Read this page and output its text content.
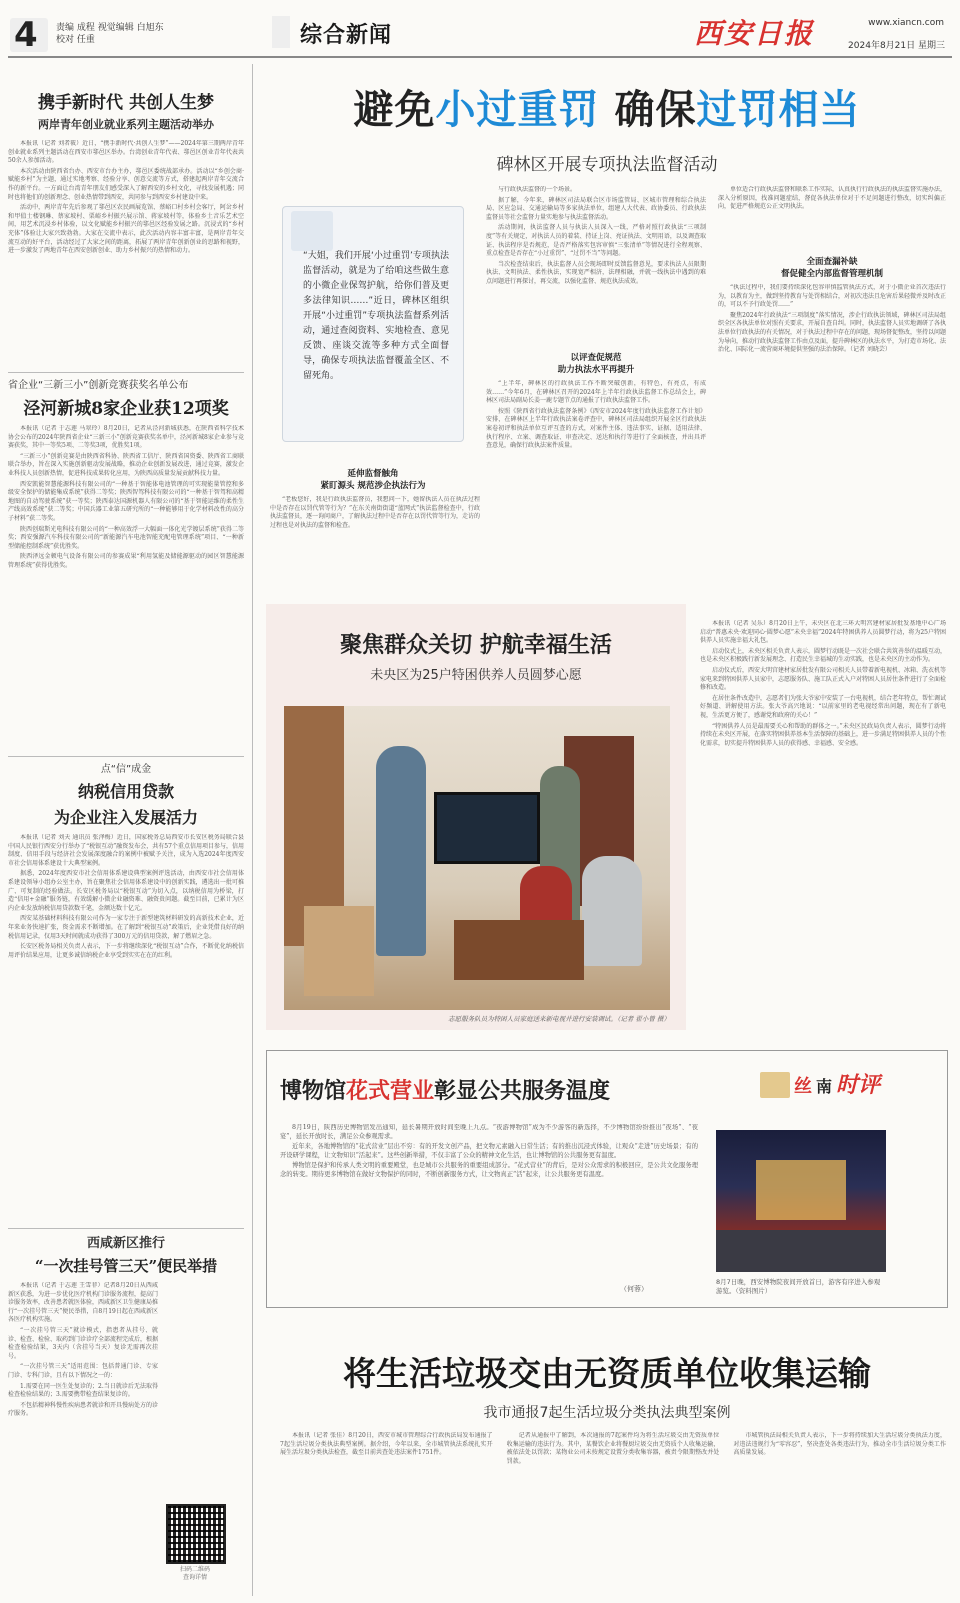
4 责编 成程 视觉编辑 白旭东
校对 任重	综合新闻	西安日报	www.xiancn.com
2024年8月21日 星期三
携手新时代 共创人生梦
两岸青年创业就业系列主题活动举办

本报讯（记者 刘者筱）近日，“携手新时代·共创人生梦”——2024年第三期两岸青年创业就业系列主题活动在西安市鄠邑区举办。台湾创业青年代表、鄠邑区创业青年代表共50余人参加活动。

本次活动由陕西省台办、西安市台办主办，鄠邑区委统战部承办。活动以“乡创会商·赋能乡村”为主题，通过实地考察、经验分享、创意交流等方式，搭建起两岸青年交流合作的新平台。一方面让台湾青年朋友们感受深入了解西安的乡村文化，寻找发展机遇；同时也将他们的创新理念、创业热情带到西安，共同参与到西安乡村建设中来。

活动中，两岸青年先后参观了鄠邑区农民画展览馆、蔡峪口村乡村会客厅，阿岔乡村和甲值士楼钢琳、蔡家坡村、栗峪乡村振兴展示馆、蒋家坡村等，体验乡土音乐艺术空间，用艺术沉浸乡村体验，以文化赋能乡村振兴的鄠邑区经验发展之路。沉浸式的“乡村充体”体验让大家兴致勃勃。大家在交流中表示，此次活动内容丰富丰富，是两岸青年交流互动的好平台，活动经过了大家之间的距离，拓展了两岸青年创新创业的思路和视野，进一步激发了两地青年在西安创新创业、助力乡村振兴的热情和动力。

省企业“三新三小”创新竞赛获奖名单公布
泾河新城8家企业获12项奖

本报讯（记者 于志莲 马翠玲）8月20日，记者从泾河新城获悉，在陕西省科学技术协会公布的2024年陕西省企业“三新三小”创新竞赛获奖名单中，泾河新城8家企业参与竞赛获奖，其中一等奖5项、二等奖3项，优胜奖1项。

“三新三小”创新竞赛是由陕西省科协、陕西省工信厅、陕西省国资委、陕西省工商联联合举办，旨在深入实施创新驱动发展战略，推动企业创新发展改进，通过竞赛，激发企业科技人员创新热情，促进科技成果转化应用，为陕西高质量发展贡献科技力量。

西安凯能智慧能源科技有限公司的“一种基于智能体电池管理的可实现能量管控和多级安全保护的储能集成系统”获得二等奖；陕西智驾科技有限公司的“一种基于智驾和高精地图的自动驾驶系统”获一等奖；陕西泰达国源机器人有限公司的“基于智能运维的柔性生产线高效系统”获二等奖；中国兵器工业第五研究所的“一种能够用于化学材料改性的高分子材料”获二等奖。

陕西创瑞斯光电科技有限公司的“一种高效浮一大幅面一体化光学镀层系统”获得二等奖；西安强源汽车科技有限公司的“新能源汽车电池智能充配电管理系统”项目、“一种新型储能控制系统”获优胜奖。

陕西泽远金顿电气设备有限公司的参赛成果“利用氢能及储能源驱动的园区智慧能源管理系统”获得优胜奖。

点“信”成金
纳税信用贷款
为企业注入发展活力

本报讯（记者 刘天 通讯员 张泽梅）近日，国家税务总局西安市长安区税务局联合县中国人民银行西安分行举办了“税银互动”融资发布会，共有57个重点信用项目参与，信用制度、信用手段与经济社会发展深度融合的案例中被赋予关注，成为入选2024年度西安市社会信用体系建设十大典型案例。

据悉，2024年度西安市社会信用体系建设典型案例评选活动，由西安市社会信用体系建设领导小组办公室主办，旨在聚焦社会信用体系建设中的创新实践，遴选出一批可推广、可复制的经验做法。长安区税务局以“税银互动”为切入点，以纳税信用为桥梁，打造“信用+金融”服务链，有效缓解小微企业融资难、融资贵问题。截至目前，已累计为区内企业发放纳税信用贷款数千笔，金额达数十亿元。

西安某基础材料科技有限公司作为一家专注于新型建筑材料研发的高新技术企业，近年来业务快速扩张，资金需求不断增加。在了解到“税银互动”政策后，企业凭借良好的纳税信用记录，仅用3天时间就成功获得了300万元的信用贷款，解了燃眉之急。

长安区税务局相关负责人表示，下一步将继续深化“税银互动”合作，不断优化纳税信用评价结果应用，让更多诚信纳税企业享受到实实在在的红利。

西咸新区推行
“一次挂号管三天”便民举措

本报讯（记者 于志莲 王雪菲）记者8月20日从西咸新区获悉，为进一步优化医疗机构门诊服务流程，提高门诊服务效率，改善患者就医体验，西咸新区卫生健康局推行“一次挂号管三天”便民举措，自8月19日起在西咸新区各医疗机构实施。

“一次挂号管三天”就诊模式，指患者从挂号、就诊、检查、检验、取药到门诊诊疗全部流程完成后，根据检查检验结果，3天内（含挂号当天）复诊无需再次挂号。

“一次挂号管三天”适用范围：包括普通门诊、专家门诊、专科门诊，且有以下情况之一的：

1.需要在同一医生处复诊的；2.当日就诊后无法取得检查检验结果的；3.需要携带检查结果复诊的。

不包括精神科慢性疾病患者就诊和开具慢病处方的诊疗服务。

扫码二维码
查询详情
避免小过重罚 确保过罚相当
碑林区开展专项执法监督活动
“大姐，我们开展‘小过重罚’专项执法监督活动，就是为了给咱这些做生意的小微企业保驾护航，给你们普及更多法律知识……”近日，碑林区组织开展“小过重罚”专项执法监督系列活动，通过查阅资料、实地检查、意见反馈、座谈交流等多种方式全面督导，确保专项执法监督覆盖全区、不留死角。
延伸监督触角
紧盯源头 规范涉企执法行为

“老板您好，我是行政执法监督员，我想问一下，她留执法人员在执法过程中是否存在以罚代管等行为？”在东关南街街道“蓝网式”执法监督检查中，行政执法监督员，逐一询问商户，了解执法过程中是否存在以罚代管等行为，走访的过程也是对执法的监督和检查。

与行政执法监督的一个场景。

据了解，今年来，碑林区司法局联合区市场监管局、区城市管理和综合执法局、区应急局、交通运输局等多家执法单位，组建人大代表、政协委员、行政执法监督员等社会监督力量实地参与执法监督活动。

活动期间，执法监督人员与执法人员深入一线，严格对照行政执法“三项制度”等有关规定，对执法人员的着装、持证上岗、亮证执法、文明用语，以及调查取证、执法程序是否规范，是否严格落实包容审慎“三张清单”等情况进行全程观察、重点检查是否存在“小过重罚”、“过罚不当”等问题。

当次检查结束后，执法监督人员会现场即时反馈监督意见，要求执法人员限期执法、文明执法、柔性执法，实现宽严相济，法理相融，并就一线执法中遇到的难点问题进行再探讨，再交流，以强化监督、规范执法成效。

以评查促规范
助力执法水平再提升

“上半年，碑林区的行政执法工作不断突破创新，有特色，有亮点，有成效……”今年6月，在碑林区召开的2024年上半年行政执法监督工作总结会上，碑林区司法局副局长姜一鹿专题节点的通报了行政执法监督工作。

按照《陕西省行政执法监督条例》《西安市2024年度行政执法监督工作计划》安排，在碑林区上半年行政执法案卷评查中，碑林区司法局组织开展全区行政执法案卷初评和执法单位互评互查的方式，对案件主体、违法事实、证据、适用法律、执行程序、立案、调查取证、审查决定、送达和执行等进行了全面核查，并出具评查意见，确保行政执法案件质量。

单位适合行政执法监督和联系工作实际，认真执行行政执法的执法监督实施办法，深入分析原因，找准问题症结，督促各执法单位对于不足问题进行整改，切实纠偏正向，促进严格规范公正文明执法。

全面查漏补缺
督促健全内部监督管理机制

“执法过程中，我们要持续深化包容审慎监管执法方式，对于小微企业首次违法行为，以教育为主，做到坚持教育与处罚相结合，对初次违法且危害后果轻微并及时改正的，可以不予行政处罚……”

聚焦2024年行政执法“三项制度”落实情况，涉企行政执法领域，碑林区司法局组织全区各执法单位对照有关要求，开展自查自纠。同时，执法监督人员实地调研了各执法单位行政执法的有关情况，对于执法过程中存在的问题，现场督促整改，坚持以问题为导向，推动行政执法监督工作由点及面，提升碑林区的执法水平，为打造市场化、法治化、国际化一流营商环境提供坚强的法治保障。（记者 刘晓芸）

聚焦群众关切 护航幸福生活
未央区为25户特困供养人员圆梦心愿
志愿服务队员为特困人员家庭送来新电视并进行安装调试。（记者 翟小曾 摄）

本报讯（记者 吴乐）8月20日上午，未央区在北三环大明宫建材家居批发基地中心广场启动“普惠未央·欢迎同心·圆梦心愿”未央幸福”2024年特困供养人员圆梦行动，将为25户特困供养人员实施幸福大礼包。

启动仪式上，未央区相关负责人表示，圆梦行动既是一次社会联合共筑善举的温暖互动，也是未央区积极践行新发展理念、打造民生幸福城的生动实践，也是未央区的主动作为。

启动仪式后，西安大明宫建材家居批发有限公司相关人员带着新电视机、冰箱、洗衣机等家电来到特困供养人员家中，志愿服务队、施工队正式入户对特困人员居住条件进行了全面检修和改造。

在居住条件改造中，志愿者们为张大爷家中安装了一台电视机，结合老年特点，帮忙调试好频道、讲解使用方法。张大爷高兴地说：“以前家里的老电视经常出问题，现在有了新电视，生活更方便了，感谢党和政府的关心！”

“特困供养人员是最需要关心和帮助的群体之一。”未央区民政局负责人表示，圆梦行动将持续在未央区开展，在落实特困供养基本生活保障的基础上，进一步满足特困供养人员的个性化需求，切实提升特困供养人员的获得感、幸福感、安全感。

博物馆花式营业彰显公共服务温度	丝 南 时评

8月19日，陕西历史博物馆发出通知，延长暑期开放时间至晚上九点。“夜游博物馆”成为不少游客的新选择，不少博物馆纷纷推出“夜场”、“夜宴”，延长开放时长，满足公众参观需求。

近年来，各地博物馆的“花式营业”层出不穷：有的开发文创产品，把文物元素融入日常生活；有的推出沉浸式体验，让观众“走进”历史场景；有的开设研学课程，让文物知识“活起来”。这些创新举措，不仅丰富了公众的精神文化生活，也让博物馆的公共服务更有温度。

博物馆是保护和传承人类文明的重要殿堂，也是城市公共服务的重要组成部分。“花式营业”的背后，是对公众需求的积极回应，是公共文化服务理念的转变。期待更多博物馆在做好文物保护的同时，不断创新服务方式，让文物真正“活”起来，让公共服务更有温度。

（何蓉）
8月7日晚，西安博物院夜间开放首日，游客有序进入参观游览。（资料图片）
将生活垃圾交由无资质单位收集运输
我市通报7起生活垃圾分类执法典型案例

本报讯（记者 张佳）8月20日，西安市城市管理综合行政执法局发布通报了7起生活垃圾分类执法典型案例。据介绍，今年以来，全市城管执法系统扎实开展生活垃圾分类执法检查，截至目前共查处违法案件1751件。

记者从通报中了解到，本次通报的7起案件均为将生活垃圾交由无资质单位收集运输的违法行为。其中，某餐饮企业将餐厨垃圾交由无资质个人收集运输，被依法处以罚款；某物业公司未按规定设置分类收集容器，被责令限期整改并处罚款。

市城管执法局相关负责人表示，下一步将持续加大生活垃圾分类执法力度，对违法违规行为“零容忍”，坚决查处各类违法行为，推动全市生活垃圾分类工作高质量发展。
